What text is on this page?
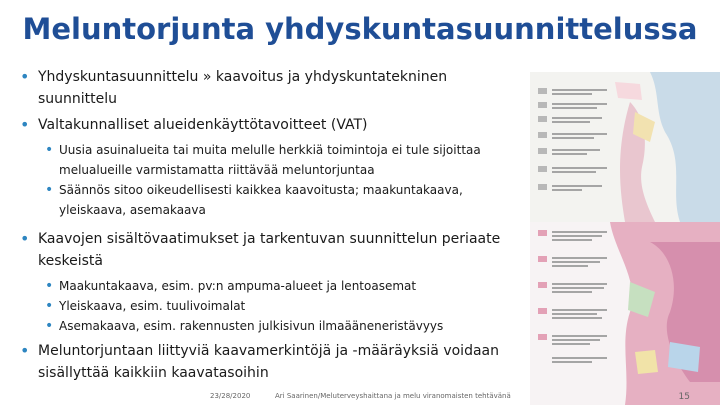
Meluntorjunta yhdyskuntasuunnittelussa
• Yhdyskuntasuunnittelu » kaavoitus ja yhdyskuntatekninen
suunnittelu
• Valtakunnalliset alueidenkäyttötavoitteet (VAT)
• Uusia asuinalueita tai muita melulle herkkiä toimintoja ei tule sijoittaa
melualueille varmistamatta riittävää meluntorjuntaa
• Säännös sitoo oikeudellisesti kaikkea kaavoitusta; maakuntakaava,
yleiskaava, asemakaava
• Kaavojen sisältövaatimukset ja tarkentuvan suunnittelun periaate
keskeistä
• Maakuntakaava, esim. pv:n ampuma-alueet ja lentoasemat
• Yleiskaava, esim. tuulivoimalat
• Asemakaava, esim. rakennusten julkisivun ilmaääneneristävyys
• Meluntorjuntaan liittyviä kaavamerkintöjä ja -määräyksiä voidaan
sisällyttää kaikkiin kaavatasoihin
23/28/2020	Ari Saarinen/Meluterveyshaittana ja melu viranomaisten tehtävänä	15
